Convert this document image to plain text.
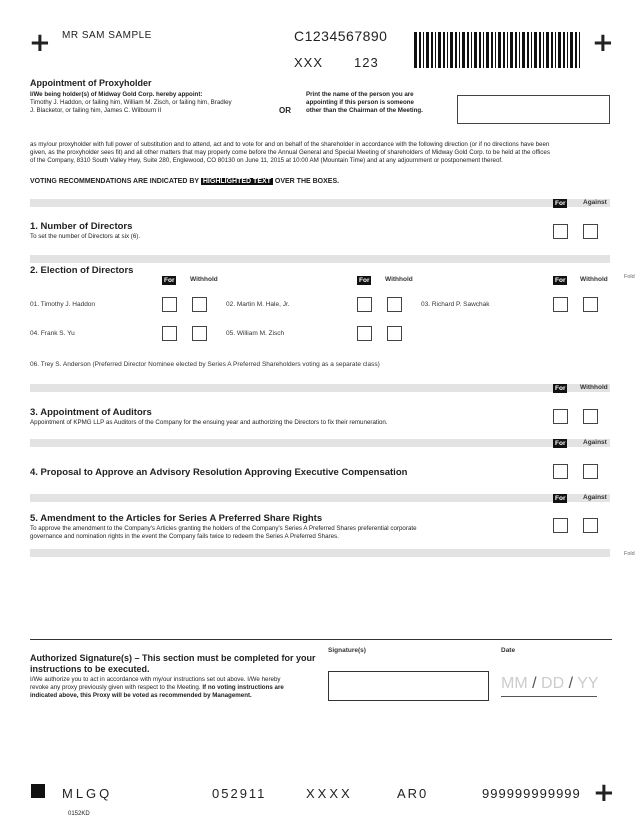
+ MR SAM SAMPLE	C1234567890
XXX 123
+
Appointment of Proxyholder
I/We being holder(s) of Midway Gold Corp. hereby appoint:
Timothy J. Haddon, or failing him, William M. Zisch, or failing him, Bradley
J. Blacketor, or failing him, James C. Wilbourn II	OR
Print the name of the person you are
appointing if this person is someone
other than the Chairman of the Meeting.
as my/our proxyholder with full power of substitution and to attend, act and to vote for and on behalf of the shareholder in accordance with the following direction (or if no directions have been
given, as the proxyholder sees fit) and all other matters that may properly come before the Annual General and Special Meeting of shareholders of Midway Gold Corp. to be held at the offices
of the Company, 8310 South Valley Hwy, Suite 280, Englewood, CO 80130 on June 11, 2015 at 10:00 AM (Mountain Time) and at any adjournment or postponement thereof.
VOTING RECOMMENDATIONS ARE INDICATED BY HIGHLIGHTED TEXT OVER THE BOXES.
For	Against
1. Number of Directors
To set the number of Directors at six (6).
2. Election of Directors
For	Withhold	For	Withhold	For	Withhold	Fold
01. Timothy J. Haddon	02. Martin M. Hale, Jr.	03. Richard P. Sawchak
04. Frank S. Yu	05. William M. Zisch
06. Trey S. Anderson (Preferred Director Nominee elected by Series A Preferred Shareholders voting as a separate class)
For	Withhold
3. Appointment of Auditors
Appointment of KPMG LLP as Auditors of the Company for the ensuing year and authorizing the Directors to fix their remuneration.
For	Against
4. Proposal to Approve an Advisory Resolution Approving Executive Compensation
For	Against
5. Amendment to the Articles for Series A Preferred Share Rights
To approve the amendment to the Company's Articles granting the holders of the Company's Series A Preferred Shares preferential corporate
governance and nomination rights in the event the Company fails twice to redeem the Series A Preferred Shares.
Fold
Authorized Signature(s) – This section must be completed for your
instructions to be executed.
I/We authorize you to act in accordance with my/our instructions set out above. I/We hereby
revoke any proxy previously given with respect to the Meeting. If no voting instructions are
indicated above, this Proxy will be voted as recommended by Management.
Signature(s)	Date
MM / DD / YY
MLGQ	052911	XXXX	AR0	999999999999 +
0152KD
